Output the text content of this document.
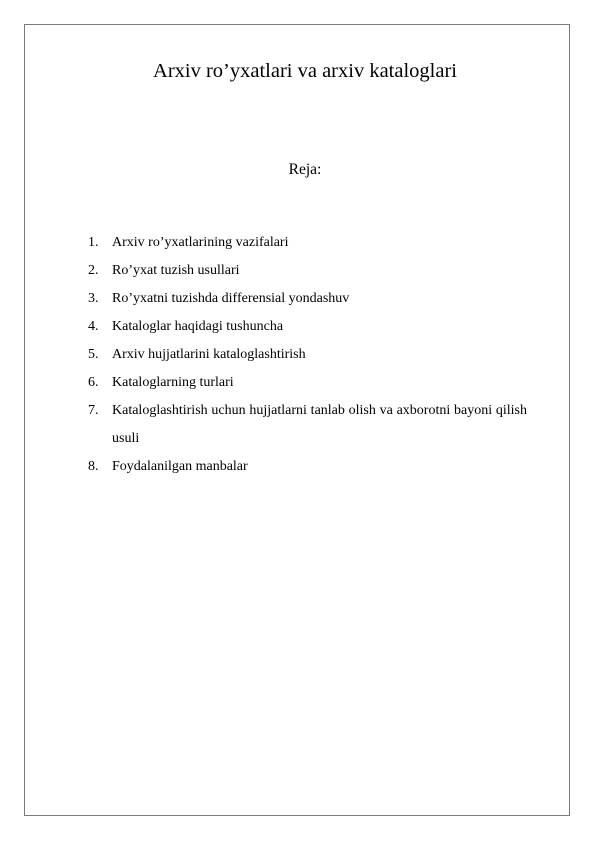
Arxiv ro’yxatlari va arxiv kataloglari
Reja:
1. Arxiv ro’yxatlarining vazifalari
2. Ro’yxat tuzish usullari
3. Ro’yxatni tuzishda differensial yondashuv
4. Kataloglar haqidagi tushuncha
5. Arxiv hujjatlarini kataloglashtirish
6. Kataloglarning turlari
7. Kataloglashtirish uchun hujjatlarni tanlab olish va axborotni bayoni qilish usuli
8. Foydalanilgan manbalar
